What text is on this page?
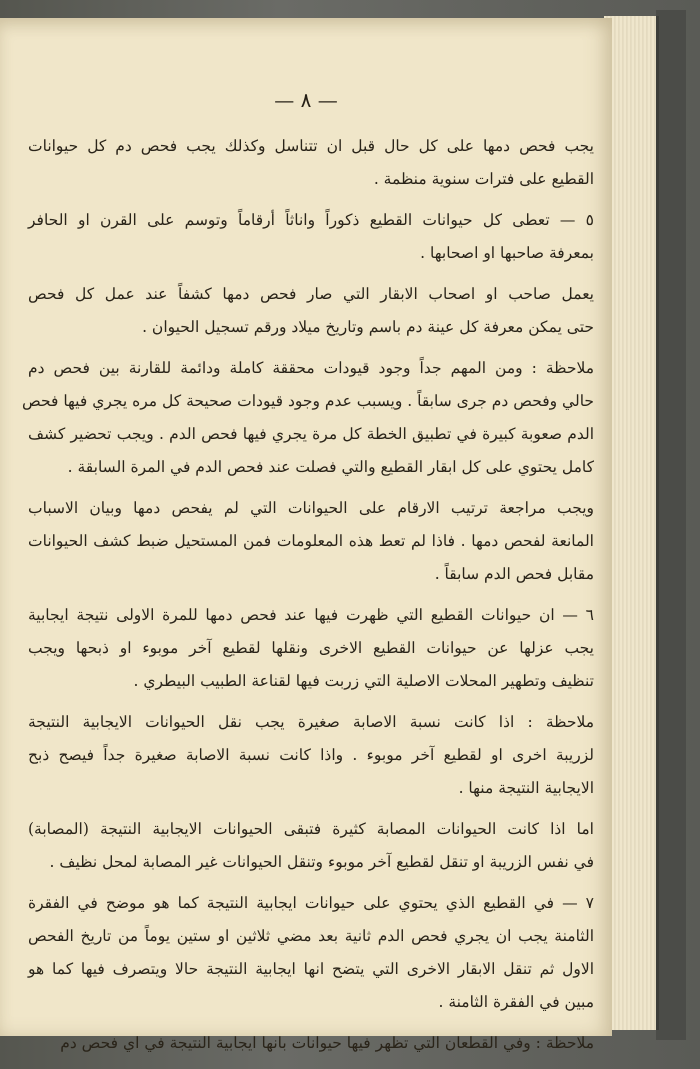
— ٨ —
يجب فحص دمها على كل حال قبل ان تتناسل وكذلك يجب فحص دم كل حيوانات
القطيع على فترات سنوية منظمة .
٥ — تعطى كل حيوانات القطيع ذكوراً واناثاً أرقاماً وتوسم على القرن او الحافر
بمعرفة صاحبها او اصحابها .
يعمل صاحب او اصحاب الابقار التي صار فحص دمها كشفاً عند عمل كل فحص
حتى يمكن معرفة كل عينة دم باسم وتاريخ ميلاد ورقم تسجيل الحيوان .
ملاحظة : ومن المهم جداً وجود قيودات محققة كاملة ودائمة للقارنة بين فحص دم
حالي وفحص دم جرى سابقاً . ويسبب عدم وجود قيودات صحيحة كل مره يجري فيها فحص
الدم صعوبة كبيرة في تطبيق الخطة كل مرة يجري فيها فحص الدم . ويجب تحضير كشف
كامل يحتوي على كل ابقار القطيع والتي فصلت عند فحص الدم في المرة السابقة .
ويجب مراجعة ترتيب الارقام على الحيوانات التي لم يفحص دمها وبيان الاسباب
المانعة لفحص دمها . فاذا لم تعط هذه المعلومات فمن المستحيل ضبط كشف الحيوانات
مقابل فحص الدم سابقاً .
٦ — ان حيوانات القطيع التي ظهرت فيها عند فحص دمها للمرة الاولى نتيجة ايجابية
يجب عزلها عن حيوانات القطيع الاخرى ونقلها لقطيع آخر موبوء او ذبحها ويجب
تنظيف وتطهير المحلات الاصلية التي زربت فيها لقناعة الطبيب البيطري .
ملاحظة : اذا كانت نسبة الاصابة صغيرة يجب نقل الحيوانات الايجابية النتيجة
لزريبة اخرى او لقطيع آخر موبوء . واذا كانت نسبة الاصابة صغيرة جداً فيصح ذبح
الايجابية النتيجة منها .
اما اذا كانت الحيوانات المصابة كثيرة فتبقى الحيوانات الايجابية النتيجة (المصابة)
في نفس الزريبة او تنقل لقطيع آخر موبوء وتنقل الحيوانات غير المصابة لمحل نظيف .
٧ — في القطيع الذي يحتوي على حيوانات ايجابية النتيجة كما هو موضح في الفقرة
الثامنة يجب ان يجري فحص الدم ثانية بعد مضي ثلاثين او ستين يوماً من تاريخ الفحص
الاول ثم تنقل الابقار الاخرى التي يتضح انها ايجابية النتيجة حالا ويتصرف فيها كما هو
مبين في الفقرة الثامنة .
ملاحظة : وفي القطعان التي تظهر فيها حيوانات بانها ايجابية النتيجة في اي فحص دم
